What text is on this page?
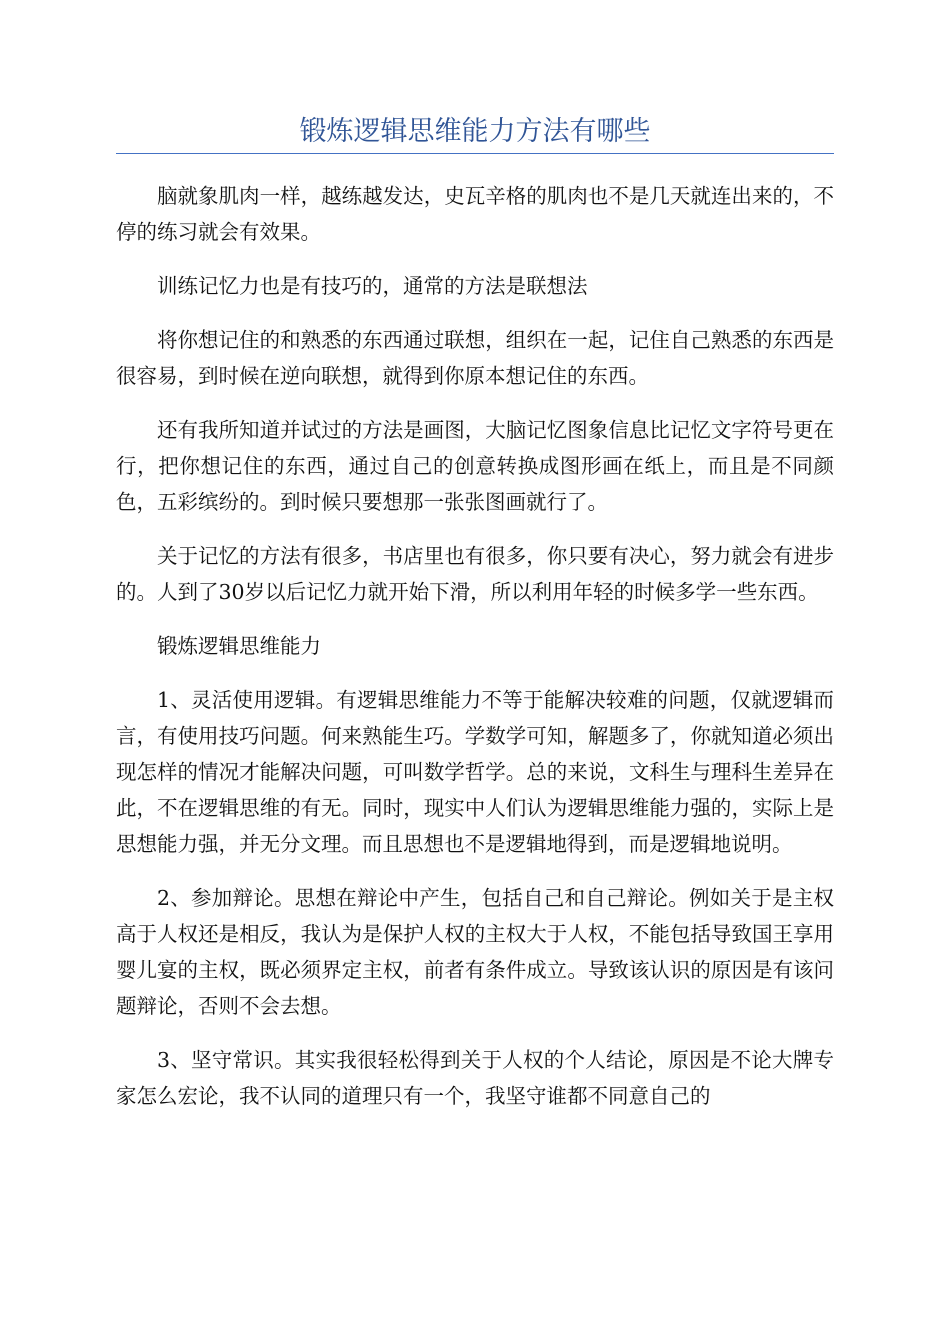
锻炼逻辑思维能力方法有哪些

脑就象肌肉一样，越练越发达，史瓦辛格的肌肉也不是几天就连出来的，不停的练习就会有效果。

训练记忆力也是有技巧的，通常的方法是联想法

将你想记住的和熟悉的东西通过联想，组织在一起，记住自己熟悉的东西是很容易，到时候在逆向联想，就得到你原本想记住的东西。

还有我所知道并试过的方法是画图，大脑记忆图象信息比记忆文字符号更在行，把你想记住的东西，通过自己的创意转换成图形画在纸上，而且是不同颜色，五彩缤纷的。到时候只要想那一张张图画就行了。

关于记忆的方法有很多，书店里也有很多，你只要有决心，努力就会有进步的。人到了30岁以后记忆力就开始下滑，所以利用年轻的时候多学一些东西。

锻炼逻辑思维能力

1、灵活使用逻辑。有逻辑思维能力不等于能解决较难的问题，仅就逻辑而言，有使用技巧问题。何来熟能生巧。学数学可知，解题多了，你就知道必须出现怎样的情况才能解决问题，可叫数学哲学。总的来说，文科生与理科生差异在此，不在逻辑思维的有无。同时，现实中人们认为逻辑思维能力强的，实际上是思想能力强，并无分文理。而且思想也不是逻辑地得到，而是逻辑地说明。

2、参加辩论。思想在辩论中产生，包括自己和自己辩论。例如关于是主权高于人权还是相反，我认为是保护人权的主权大于人权，不能包括导致国王享用婴儿宴的主权，既必须界定主权，前者有条件成立。导致该认识的原因是有该问题辩论，否则不会去想。

3、坚守常识。其实我很轻松得到关于人权的个人结论，原因是不论大牌专家怎么宏论，我不认同的道理只有一个，我坚守谁都不同意自己的
